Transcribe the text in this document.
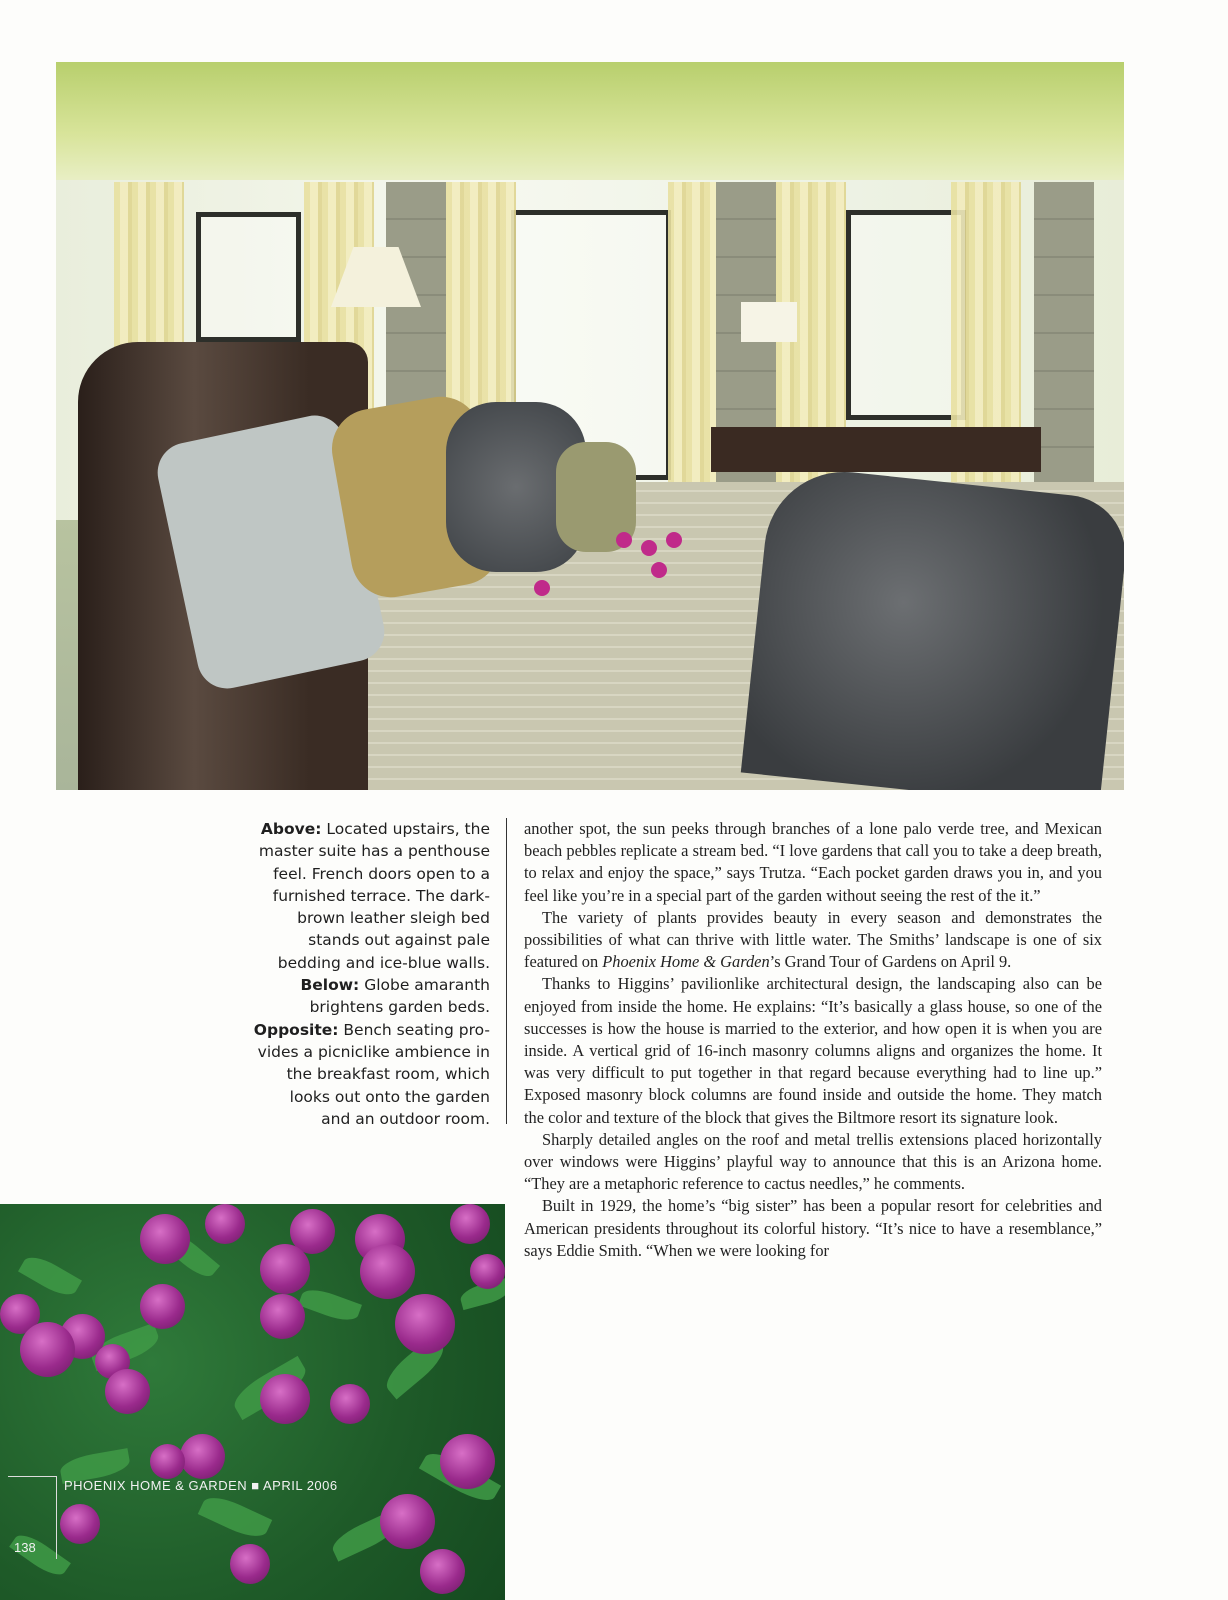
Above: Located upstairs, the
master suite has a penthouse
feel. French doors open to a
furnished terrace. The dark-
brown leather sleigh bed
stands out against pale
bedding and ice-blue walls.
Below: Globe amaranth
brightens garden beds.
Opposite: Bench seating pro-
vides a picniclike ambience in
the breakfast room, which
looks out onto the garden
and an outdoor room.

another spot, the sun peeks through branches of a lone palo verde tree, and Mexican beach pebbles replicate a stream bed. “I love gardens that call you to take a deep breath, to relax and enjoy the space,” says Trutza. “Each pocket garden draws you in, and you feel like you’re in a special part of the garden without seeing the rest of the it.”

The variety of plants provides beauty in every season and demonstrates the possibilities of what can thrive with little water. The Smiths’ landscape is one of six featured on Phoenix Home & Garden’s Grand Tour of Gardens on April 9.

Thanks to Higgins’ pavilionlike architectural design, the landscaping also can be enjoyed from inside the home. He explains: “It’s basically a glass house, so one of the successes is how the house is married to the exterior, and how open it is when you are inside. A vertical grid of 16-inch masonry columns aligns and organizes the home. It was very difficult to put together in that regard because everything had to line up.” Exposed masonry block columns are found inside and outside the home. They match the color and texture of the block that gives the Biltmore resort its signature look.

Sharply detailed angles on the roof and metal trellis extensions placed horizontally over windows were Higgins’ playful way to announce that this is an Arizona home. “They are a metaphoric reference to cactus needles,” he comments.

Built in 1929, the home’s “big sister” has been a popular resort for celebrities and American presidents throughout its colorful history. “It’s nice to have a resemblance,” says Eddie Smith. “When we were looking for

PHOENIX HOME & GARDEN ■ APRIL 2006
138
